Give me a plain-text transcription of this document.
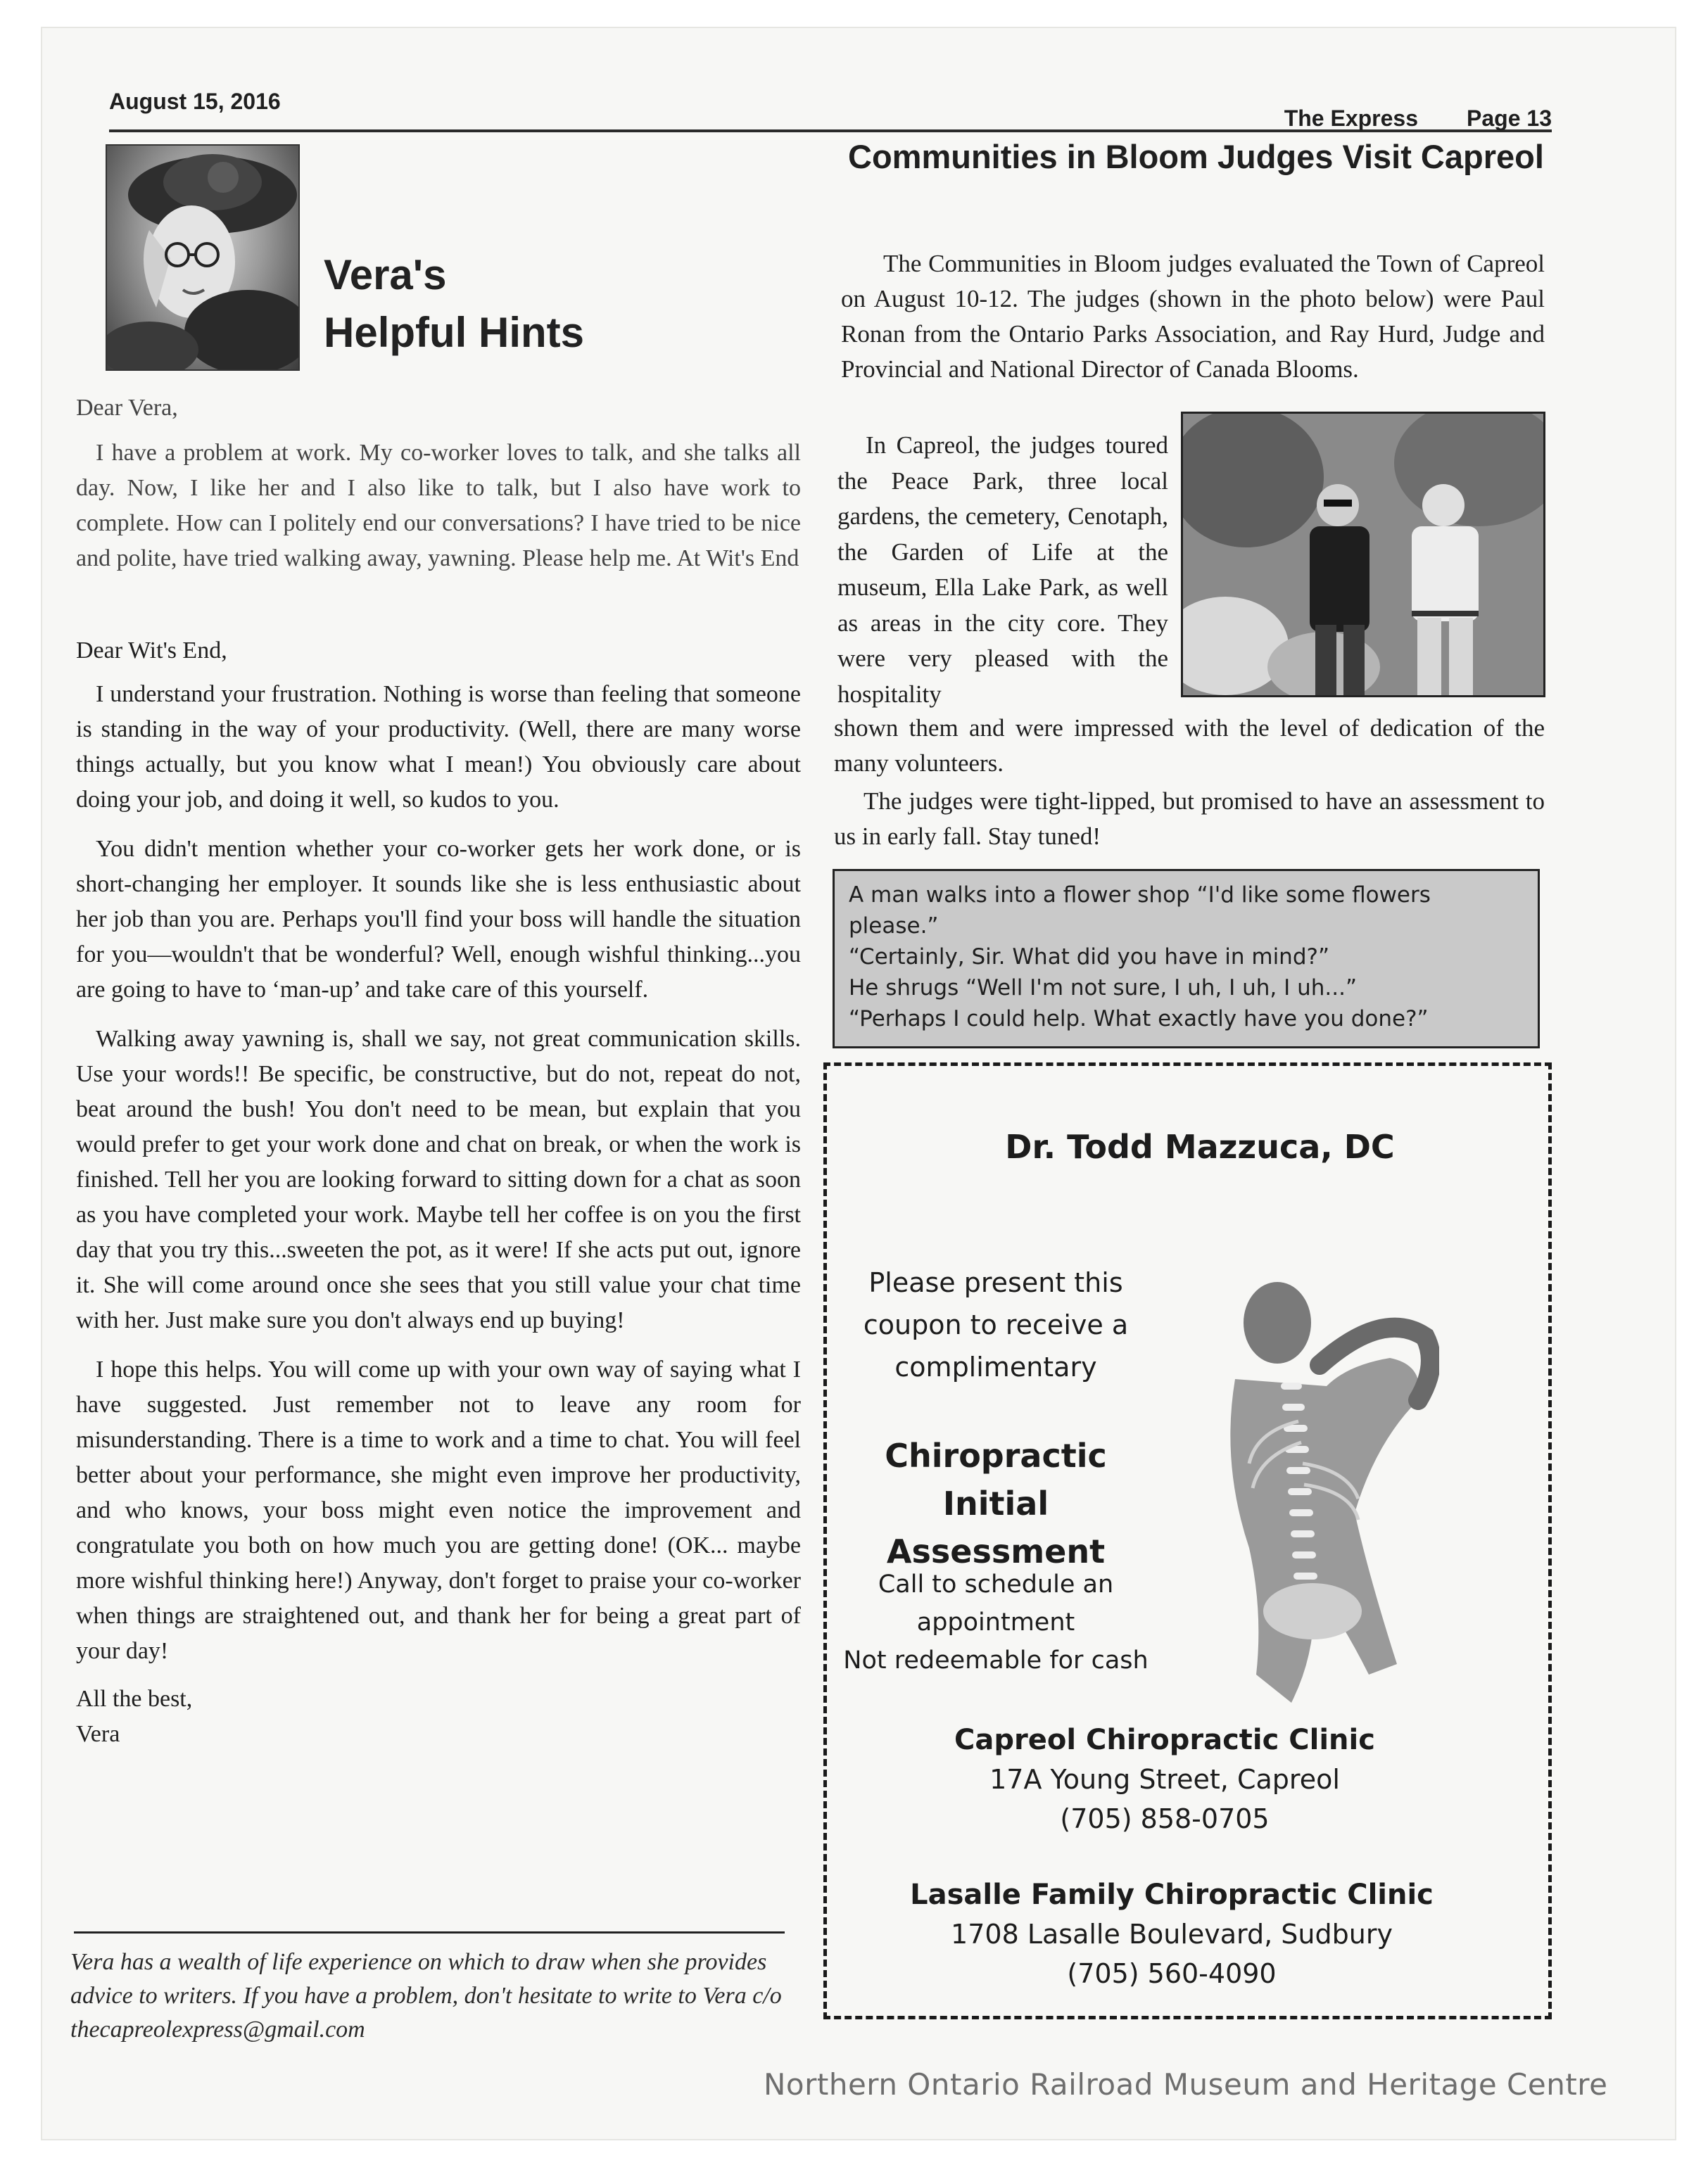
August 15, 2016
The Express Page 13
Vera's
Helpful Hints

Dear Vera,

I have a problem at work. My co-worker loves to talk, and she talks all day. Now, I like her and I also like to talk, but I also have work to complete. How can I politely end our conversations? I have tried to be nice and polite, have tried walking away, yawning. Please help me. At Wit's End

Dear Wit's End,

I understand your frustration. Nothing is worse than feeling that someone is standing in the way of your productivity. (Well, there are many worse things actually, but you know what I mean!) You obviously care about doing your job, and doing it well, so kudos to you.

You didn't mention whether your co-worker gets her work done, or is short-changing her employer. It sounds like she is less enthusiastic about her job than you are. Perhaps you'll find your boss will handle the situation for you—wouldn't that be wonderful? Well, enough wishful thinking...you are going to have to ‘man-up’ and take care of this yourself.

Walking away yawning is, shall we say, not great communication skills. Use your words!! Be specific, be constructive, but do not, repeat do not, beat around the bush! You don't need to be mean, but explain that you would prefer to get your work done and chat on break, or when the work is finished. Tell her you are looking forward to sitting down for a chat as soon as you have completed your work. Maybe tell her coffee is on you the first day that you try this...sweeten the pot, as it were! If she acts put out, ignore it. She will come around once she sees that you still value your chat time with her. Just make sure you don't always end up buying!

I hope this helps. You will come up with your own way of saying what I have suggested. Just remember not to leave any room for misunderstanding. There is a time to work and a time to chat. You will feel better about your performance, she might even improve her productivity, and who knows, your boss might even notice the improvement and congratulate you both on how much you are getting done! (OK... maybe more wishful thinking here!) Anyway, don't forget to praise your co-worker when things are straightened out, and thank her for being a great part of your day!

All the best,

Vera

Vera has a wealth of life experience on which to draw when she provides advice to writers. If you have a problem, don't hesitate to write to Vera c/o thecapreolexpress@gmail.com
Communities in Bloom Judges Visit Capreol

The Communities in Bloom judges evaluated the Town of Capreol on August 10-12. The judges (shown in the photo below) were Paul Ronan from the Ontario Parks Association, and Ray Hurd, Judge and Provincial and National Director of Canada Blooms.

In Capreol, the judges toured the Peace Park, three local gardens, the cemetery, Cenotaph, the Garden of Life at the museum, Ella Lake Park, as well as areas in the city core. They were very pleased with the hospitality

shown them and were impressed with the level of dedication of the many volunteers.

The judges were tight-lipped, but promised to have an assessment to us in early fall. Stay tuned!

A man walks into a flower shop “I'd like some flowers
please.”
“Certainly, Sir. What did you have in mind?”
He shrugs “Well I'm not sure, I uh, I uh, I uh...”
“Perhaps I could help. What exactly have you done?”
Dr. Todd Mazzuca, DC
Please present this
coupon to receive a
complimentary
Chiropractic Initial
Assessment
Call to schedule an
appointment
Not redeemable for cash
Capreol Chiropractic Clinic
17A Young Street, Capreol
(705) 858-0705
Lasalle Family Chiropractic Clinic
1708 Lasalle Boulevard, Sudbury
(705) 560-4090
Northern Ontario Railroad Museum and Heritage Centre
